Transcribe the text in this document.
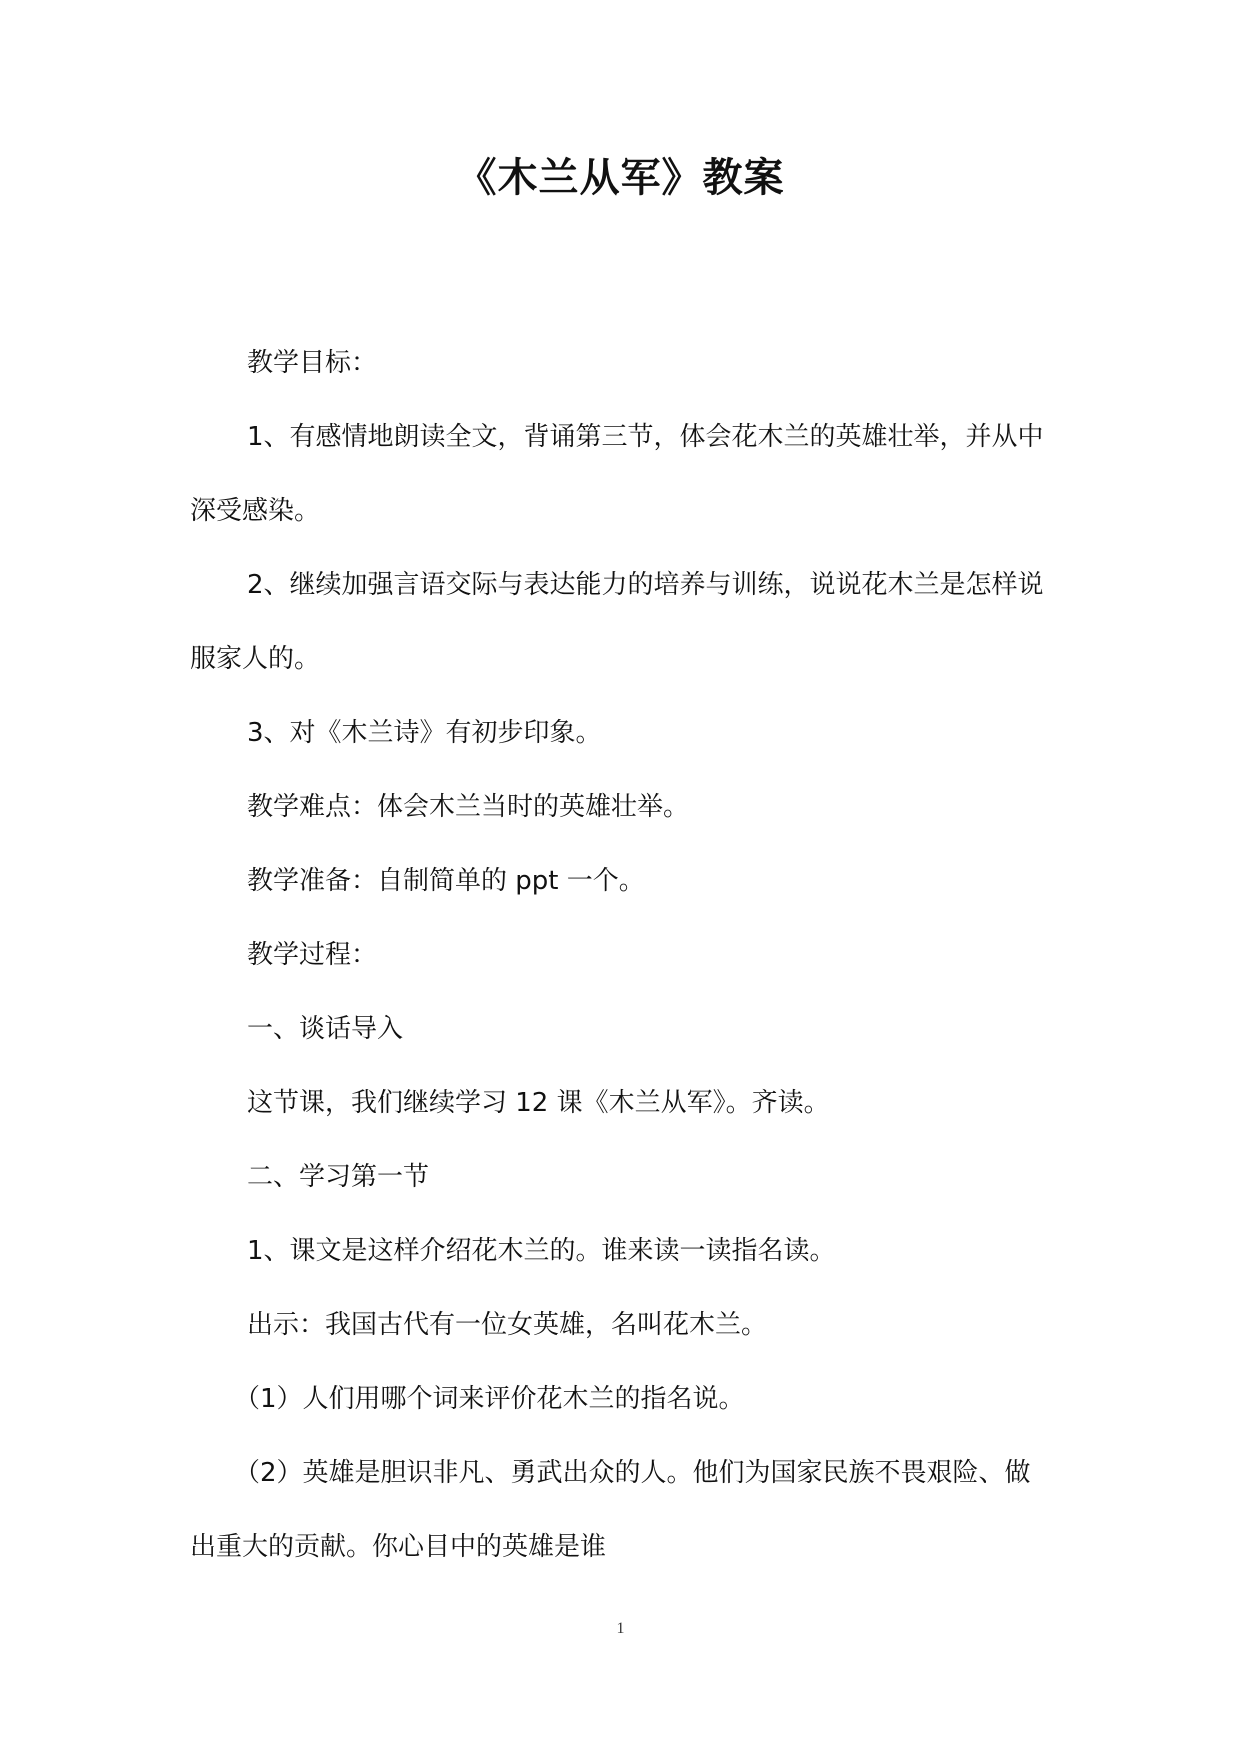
《木兰从军》教案

教学目标：

1、有感情地朗读全文，背诵第三节，体会花木兰的英雄壮举，并从中深受感染。

2、继续加强言语交际与表达能力的培养与训练，说说花木兰是怎样说服家人的。

3、对《木兰诗》有初步印象。

教学难点：体会木兰当时的英雄壮举。

教学准备：自制简单的 ppt 一个。

教学过程：

一、谈话导入

这节课，我们继续学习 12 课《木兰从军》。齐读。

二、学习第一节

1、课文是这样介绍花木兰的。谁来读一读指名读。

出示：我国古代有一位女英雄，名叫花木兰。

（1）人们用哪个词来评价花木兰的指名说。

（2）英雄是胆识非凡、勇武出众的人。他们为国家民族不畏艰险、做出重大的贡献。你心目中的英雄是谁

1
